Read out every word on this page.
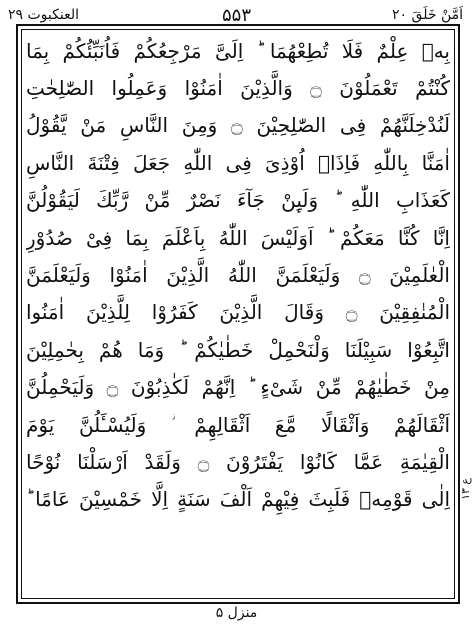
اَمَّنْ خَلَقَ ۲۰
۵۵۳
العنکبوت ۲۹
بِهٖ عِلْمٌ فَلَا تُطِعْهُمَا ؕ اِلَیَّ مَرْجِعُكُمْ فَاُنَبِّئُكُمْ بِمَا
كُنْتُمْ تَعْمَلُوْنَ ۝ وَالَّذِیْنَ اٰمَنُوْا وَعَمِلُوا الصّٰلِحٰتِ
لَنُدْخِلَنَّهُمْ فِی الصّٰلِحِیْنَ ۝ وَمِنَ النَّاسِ مَنْ یَّقُوْلُ
اٰمَنَّا بِاللّٰهِ فَاِذَاۤ اُوْذِیَ فِی اللّٰهِ جَعَلَ فِتْنَةَ النَّاسِ
كَعَذَابِ اللّٰهِ ؕ وَلَىِٕنْ جَآءَ نَصْرٌ مِّنْ رَّبِّكَ لَیَقُوْلُنَّ
اِنَّا كُنَّا مَعَكُمْ ؕ اَوَلَیْسَ اللّٰهُ بِاَعْلَمَ بِمَا فِیْ صُدُوْرِ
الْعٰلَمِیْنَ ۝ وَلَیَعْلَمَنَّ اللّٰهُ الَّذِیْنَ اٰمَنُوْا وَلَیَعْلَمَنَّ
الْمُنٰفِقِیْنَ ۝ وَقَالَ الَّذِیْنَ كَفَرُوْا لِلَّذِیْنَ اٰمَنُوا
اتَّبِعُوْا سَبِیْلَنَا وَلْنَحْمِلْ خَطٰیٰكُمْ ؕ وَمَا هُمْ بِحٰمِلِیْنَ
مِنْ خَطٰیٰهُمْ مِّنْ شَیْءٍ ؕ اِنَّهُمْ لَكٰذِبُوْنَ ۝ وَلَیَحْمِلُنَّ
اَثْقَالَهُمْ وَاَثْقَالًا مَّعَ اَثْقَالِهِمْ ؗ وَلَیُسْـَٔلُنَّ یَوْمَ
الْقِیٰمَةِ عَمَّا كَانُوْا یَفْتَرُوْنَ ۝ وَلَقَدْ اَرْسَلْنَا نُوْحًا
اِلٰی قَوْمِهٖ فَلَبِثَ فِیْهِمْ اَلْفَ سَنَةٍ اِلَّا خَمْسِیْنَ عَامًا ؕ ع ۱۳
منزل ۵
